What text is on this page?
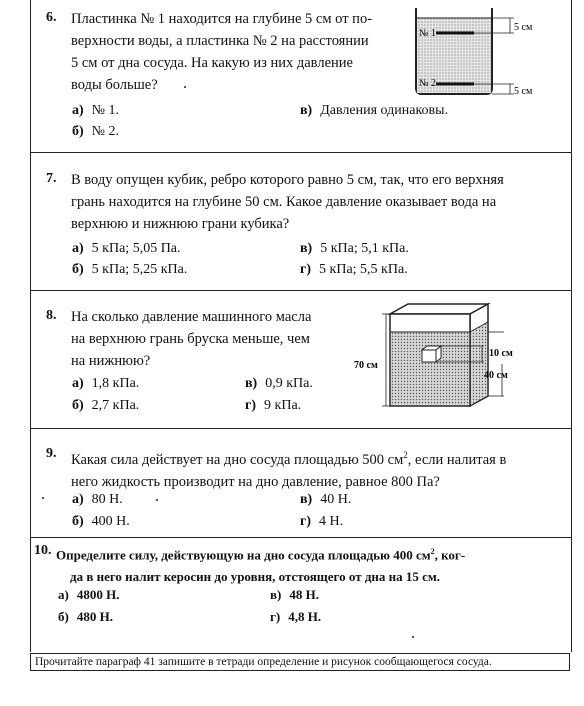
6. Пластинка № 1 находится на глубине 5 см от по-
верхности воды, а пластинка № 2 на расстоянии
5 см от дна сосуда. На какую из них давление
воды больше?
а) № 1.	в) Давления одинаковы.
б) № 2.
№ 1
№ 2
5 см
5 см
7. В воду опущен кубик, ребро которого равно 5 см, так, что его верхняя
грань находится на глубине 50 см. Какое давление оказывает вода на
верхнюю и нижнюю грани кубика?
а) 5 кПа; 5,05 Па.	в) 5 кПа; 5,1 кПа.
б) 5 кПа; 5,25 кПа.	г) 5 кПа; 5,5 кПа.
8. На сколько давление машинного масла
на верхнюю грань бруска меньше, чем
на нижнюю?
а) 1,8 кПа.	в) 0,9 кПа.
б) 2,7 кПа.	г) 9 кПа.
70 см
10 см
40 см
9. Какая сила действует на дно сосуда площадью 500 $см^2$, если налитая в
него жидкость производит на дно давление, равное 800 Па?
а) 80 Н.	в) 40 Н.
б) 400 Н.	г) 4 Н.
10. Определите силу, действующую на дно сосуда площадью 400 $см^2$, ког-
да в него налит керосин до уровня, отстоящего от дна на 15 см.
а) 4800 Н.	в) 48 Н.
б) 480 Н.	г) 4,8 Н.
Прочитайте параграф 41 запишите в тетради определение и рисунок сообщающегося сосуда.
